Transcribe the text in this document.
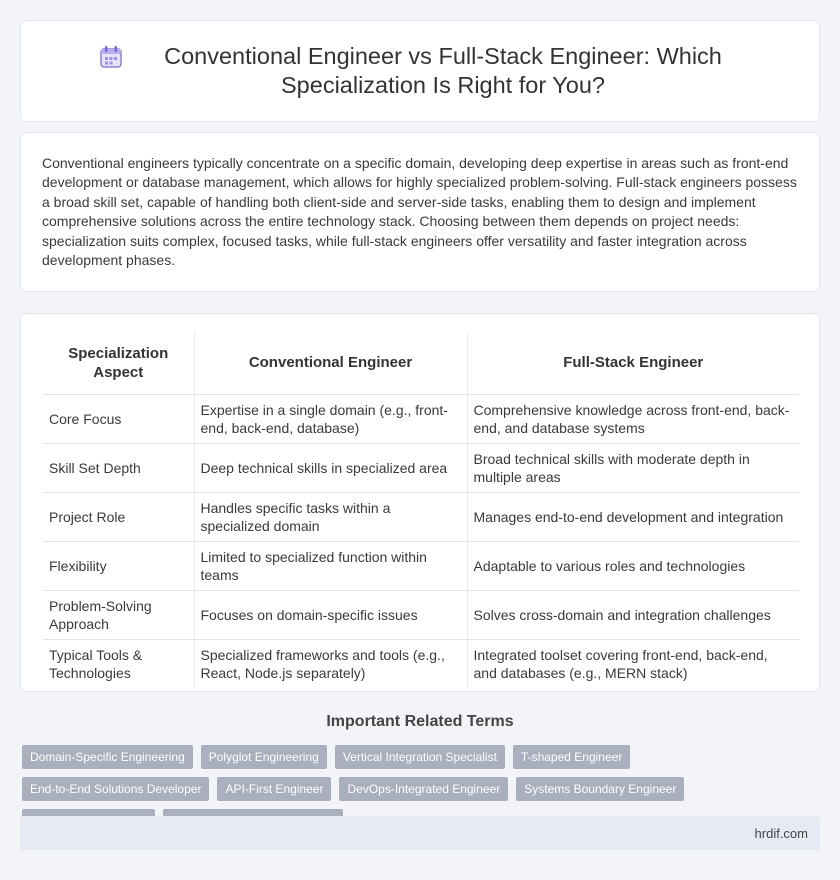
Conventional Engineer vs Full-Stack Engineer: Which Specialization Is Right for You?

Conventional engineers typically concentrate on a specific domain, developing deep expertise in areas such as front-end development or database management, which allows for highly specialized problem-solving. Full-stack engineers possess a broad skill set, capable of handling both client-side and server-side tasks, enabling them to design and implement comprehensive solutions across the entire technology stack. Choosing between them depends on project needs: specialization suits complex, focused tasks, while full-stack engineers offer versatility and faster integration across development phases.

Specialization Aspect	Conventional Engineer	Full-Stack Engineer
Core Focus	Expertise in a single domain (e.g., front-end, back-end, database)	Comprehensive knowledge across front-end, back-end, and database systems
Skill Set Depth	Deep technical skills in specialized area	Broad technical skills with moderate depth in multiple areas
Project Role	Handles specific tasks within a specialized domain	Manages end-to-end development and integration
Flexibility	Limited to specialized function within teams	Adaptable to various roles and technologies
Problem-Solving Approach	Focuses on domain-specific issues	Solves cross-domain and integration challenges
Typical Tools & Technologies	Specialized frameworks and tools (e.g., React, Node.js separately)	Integrated toolset covering front-end, back-end, and databases (e.g., MERN stack)
Important Related Terms
Domain-Specific Engineering	Polyglot Engineering	Vertical Integration Specialist	T-shaped Engineer
End-to-End Solutions Developer	API-First Engineer	DevOps-Integrated Engineer	Systems Boundary Engineer
hrdif.com
